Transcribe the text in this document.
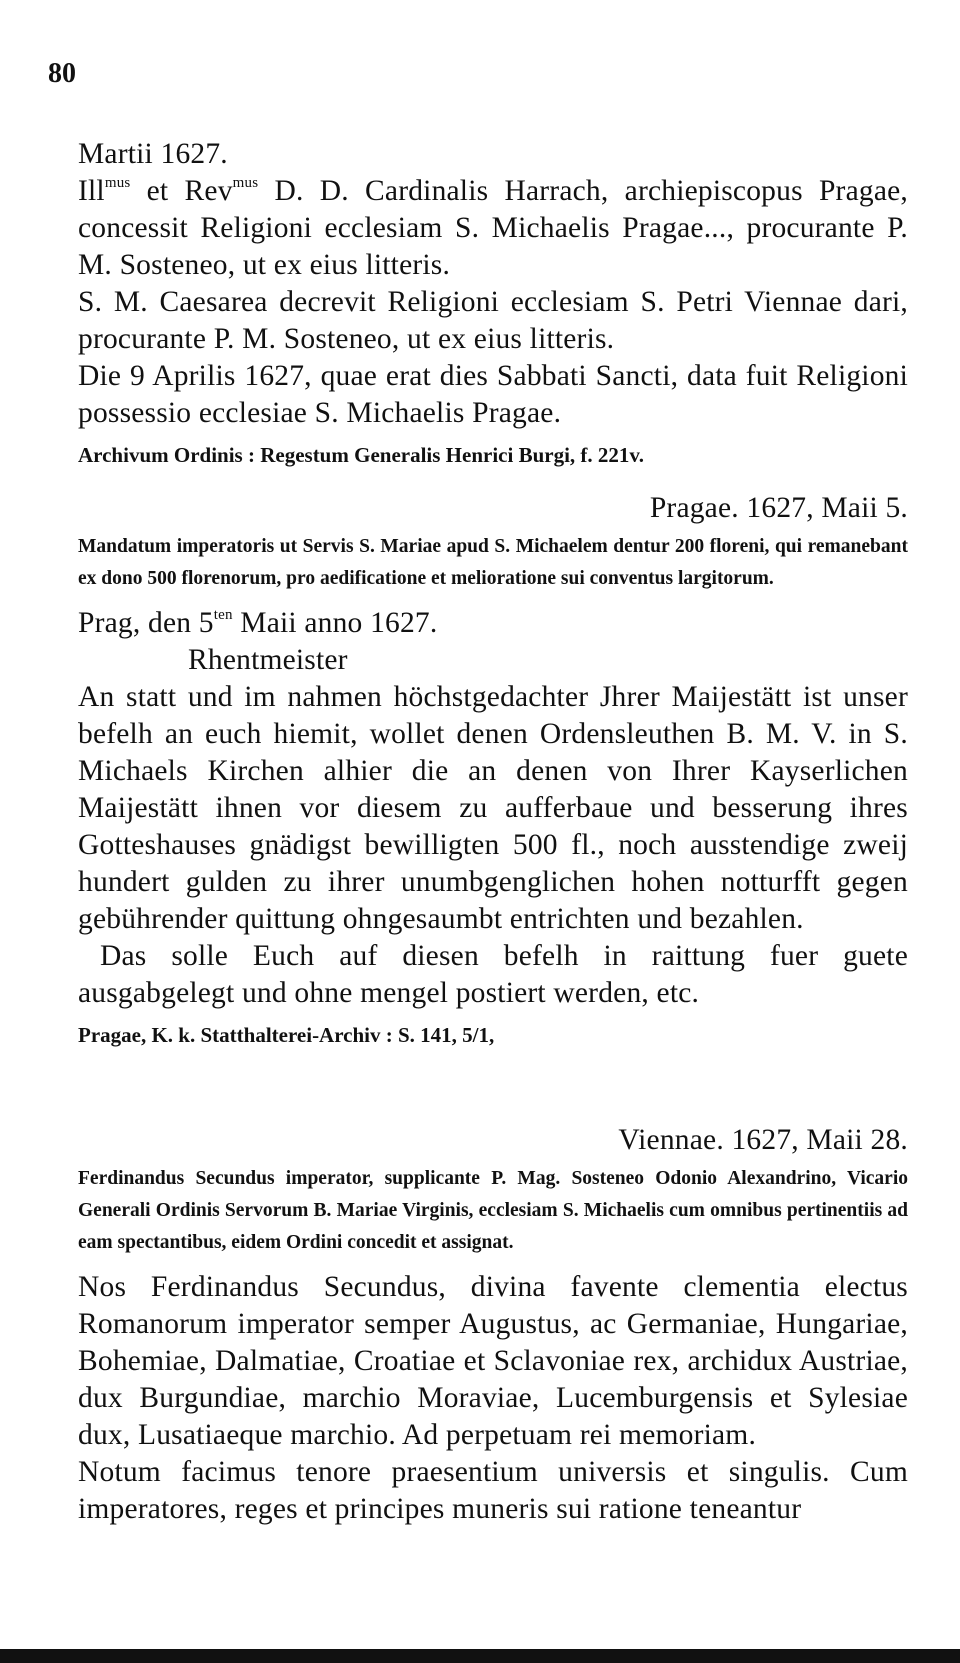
80

Martii 1627.

Ill$^{mus}$ et Rev$^{mus}$ D. D. Cardinalis Harrach, archiepiscopus Pragae, concessit Religioni ecclesiam S. Michaelis Pragae..., procurante P. M. Sosteneo, ut ex eius litteris.

S. M. Caesarea decrevit Religioni ecclesiam S. Petri Viennae dari, procurante P. M. Sosteneo, ut ex eius litteris.

Die 9 Aprilis 1627, quae erat dies Sabbati Sancti, data fuit Religioni possessio ecclesiae S. Michaelis Pragae.

Archivum Ordinis : Regestum Generalis Henrici Burgi, f. 221v.

Pragae. 1627, Maii 5.

Mandatum imperatoris ut Servis S. Mariae apud S. Michaelem dentur 200 floreni, qui remanebant ex dono 500 florenorum, pro aedificatione et melioratione sui conventus largitorum.

Prag, den $5^{ten}$ Maii anno 1627.

Rhentmeister

An statt und im nahmen höchstgedachter Jhrer Maijestätt ist unser befelh an euch hiemit, wollet denen Ordensleuthen B. M. V. in S. Michaels Kirchen alhier die an denen von Ihrer Kayserlichen Maijestätt ihnen vor diesem zu aufferbaue und besserung ihres Gotteshauses gnädigst bewilligten 500 fl., noch ausstendige zweij hundert gulden zu ihrer unumbgenglichen hohen notturfft gegen gebührender quittung ohngesaumbt entrichten und bezahlen.

Das solle Euch auf diesen befelh in raittung fuer guete ausgabgelegt und ohne mengel postiert werden, etc.

Pragae, K. k. Statthalterei-Archiv : S. 141, 5/1,

Viennae. 1627, Maii 28.

Ferdinandus Secundus imperator, supplicante P. Mag. Sosteneo Odonio Alexandrino, Vicario Generali Ordinis Servorum B. Mariae Virginis, ecclesiam S. Michaelis cum omnibus pertinentiis ad eam spectantibus, eidem Ordini concedit et assignat.

Nos Ferdinandus Secundus, divina favente clementia electus Romanorum imperator semper Augustus, ac Germaniae, Hungariae, Bohemiae, Dalmatiae, Croatiae et Sclavoniae rex, archidux Austriae, dux Burgundiae, marchio Moraviae, Lucemburgensis et Sylesiae dux, Lusatiaeque marchio. Ad perpetuam rei memoriam.

Notum facimus tenore praesentium universis et singulis. Cum imperatores, reges et principes muneris sui ratione teneantur
